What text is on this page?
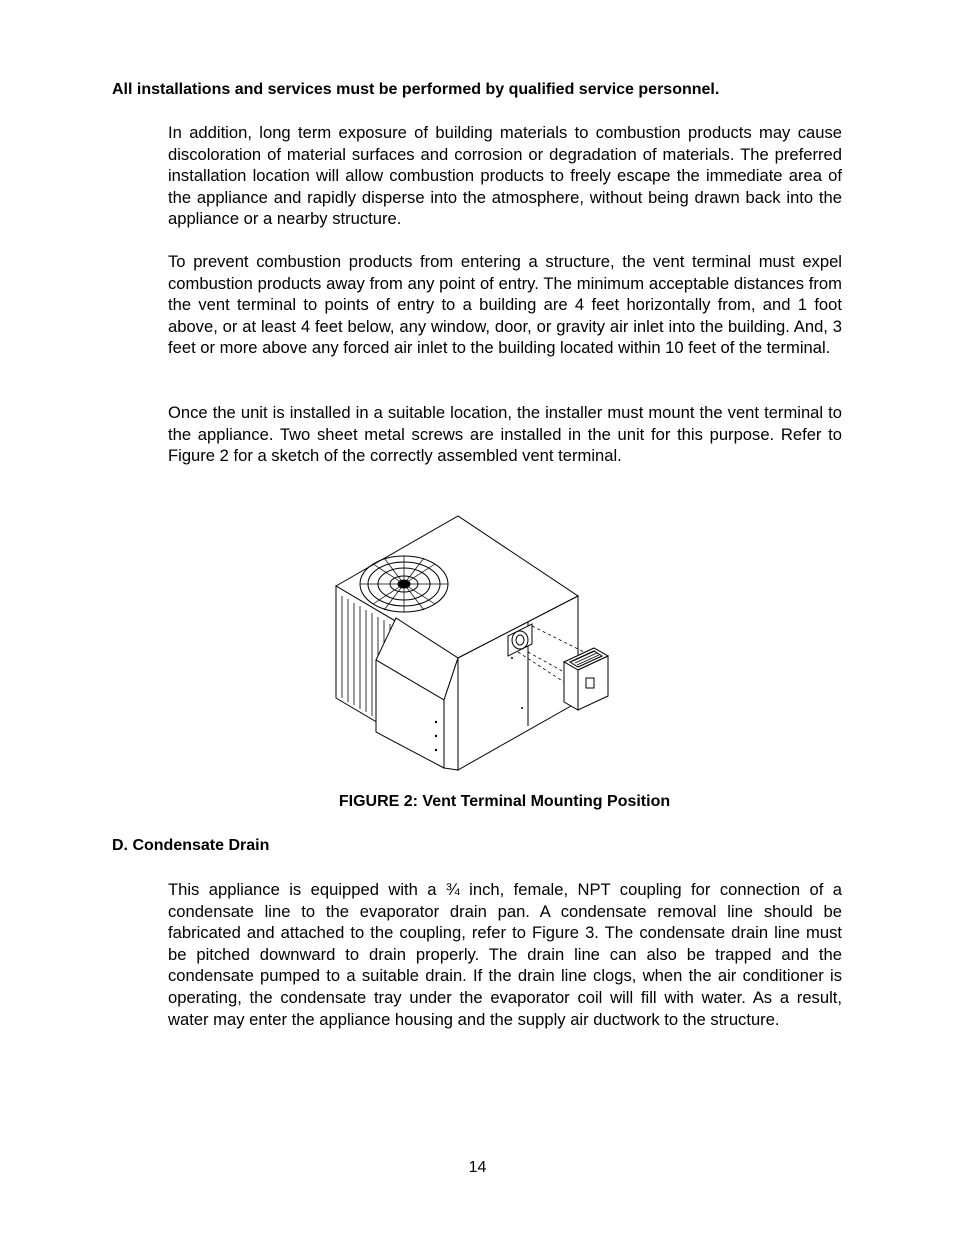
All installations and services must be performed by qualified service personnel.

In addition, long term exposure of building materials to combustion products may cause discoloration of material surfaces and corrosion or degradation of materials. The preferred installation location will allow combustion products to freely escape the immediate area of the appliance and rapidly disperse into the atmosphere, without being drawn back into the appliance or a nearby structure.

To prevent combustion products from entering a structure, the vent terminal must expel combustion products away from any point of entry. The minimum acceptable distances from the vent terminal to points of entry to a building are 4 feet horizontally from, and 1 foot above, or at least 4 feet below, any window, door, or gravity air inlet into the building. And, 3 feet or more above any forced air inlet to the building located within 10 feet of the terminal.

Once the unit is installed in a suitable location, the installer must mount the vent terminal to the appliance. Two sheet metal screws are installed in the unit for this purpose. Refer to Figure 2 for a sketch of the correctly assembled vent terminal.

FIGURE 2: Vent Terminal Mounting Position

D. Condensate Drain

This appliance is equipped with a ¾ inch, female, NPT coupling for connection of a condensate line to the evaporator drain pan. A condensate removal line should be fabricated and attached to the coupling, refer to Figure 3. The condensate drain line must be pitched downward to drain properly. The drain line can also be trapped and the condensate pumped to a suitable drain. If the drain line clogs, when the air conditioner is operating, the condensate tray under the evaporator coil will fill with water. As a result, water may enter the appliance housing and the supply air ductwork to the structure.

14
